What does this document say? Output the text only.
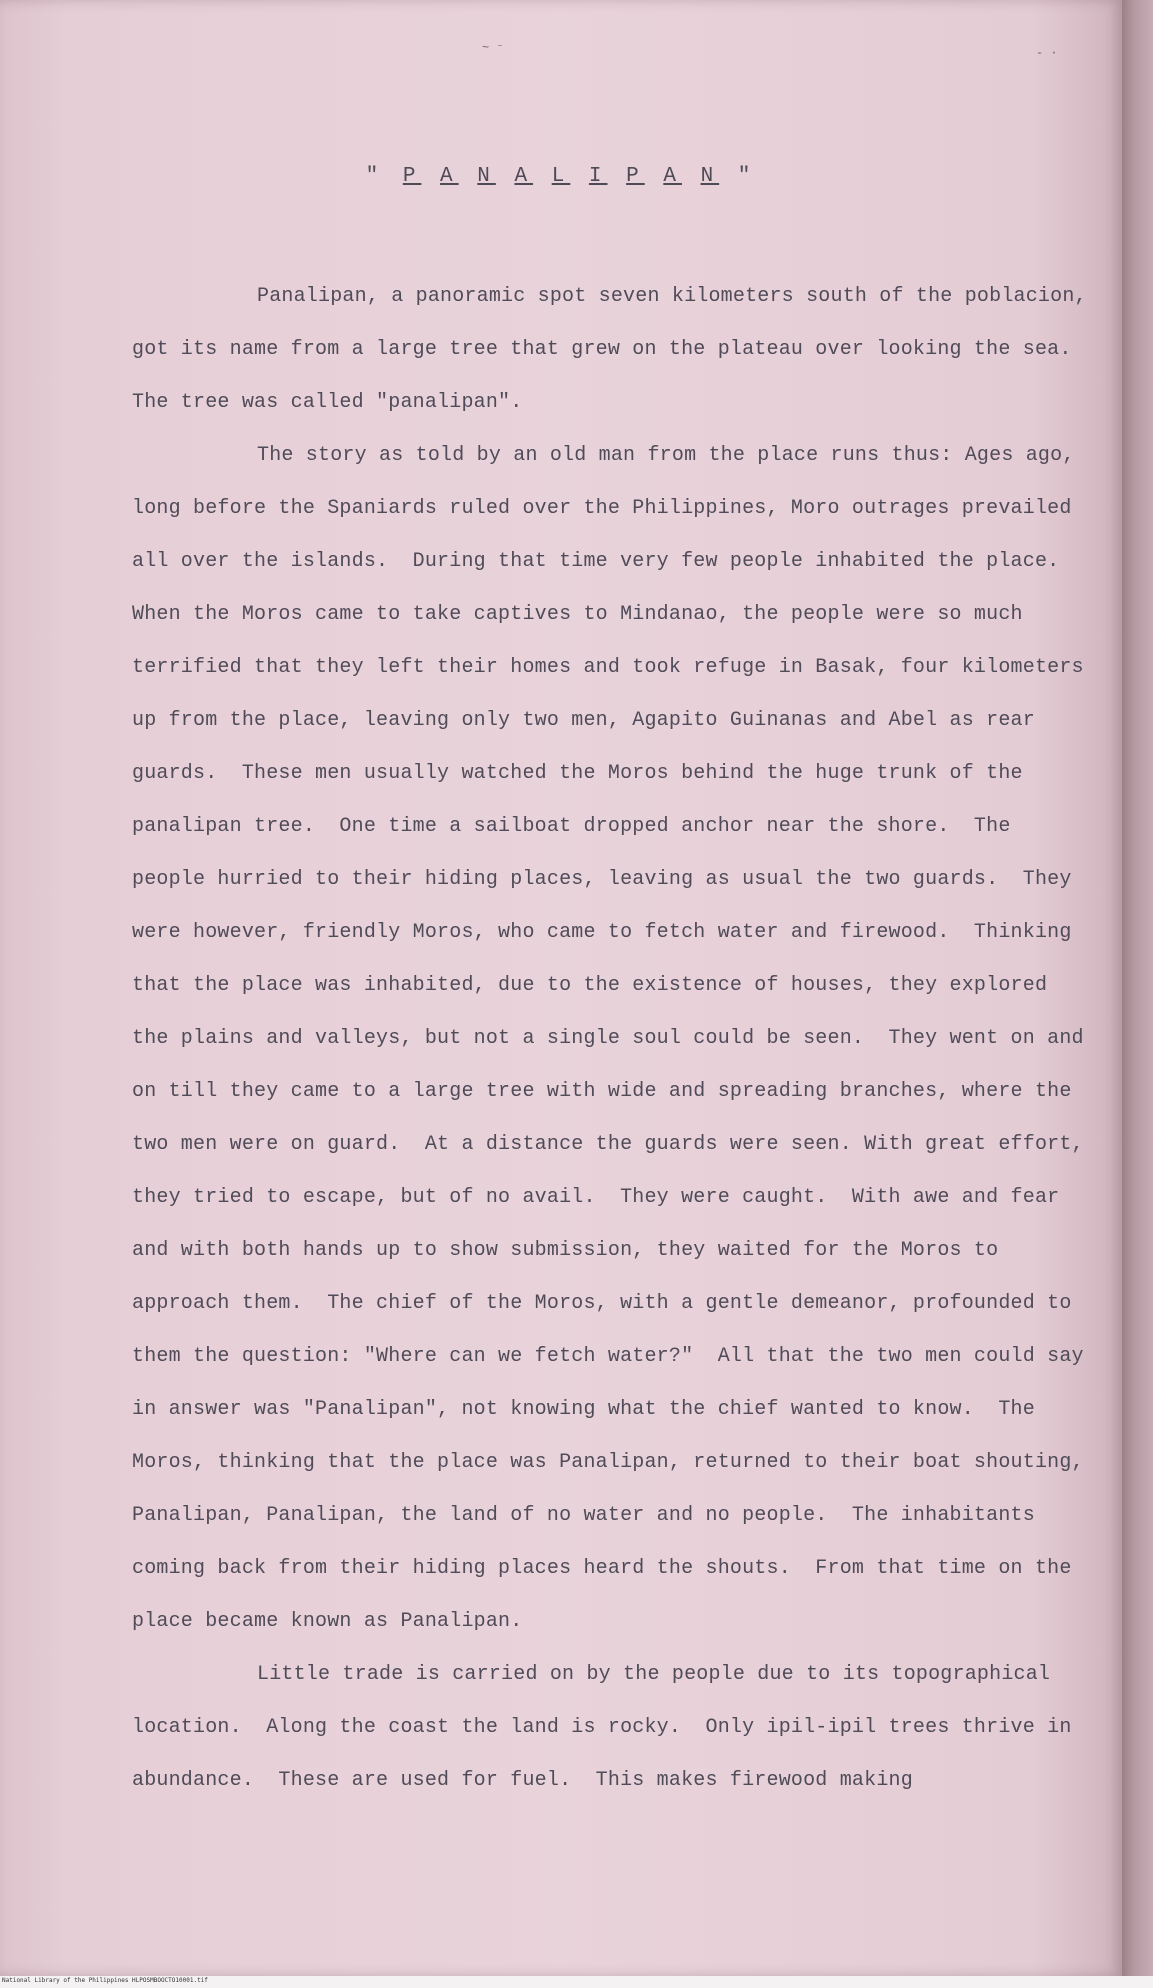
~ ⁻	- ·
" P A N A L I P A N "

Panalipan, a panoramic spot seven kilometers south of the poblacion, got its name from a large tree that grew on the plateau over looking the sea.  The tree was called "panalipan".

The story as told by an old man from the place runs thus: Ages ago, long before the Spaniards ruled over the Philippines, Moro outrages prevailed all over the islands.  During that time very few people inhabited the place.  When the Moros came to take captives to Mindanao, the people were so much terrified that they left their homes and took refuge in Basak, four kilometers up from the place, leaving only two men, Agapito Guinanas and Abel as rear guards.  These men usually watched the Moros behind the huge trunk of the panalipan tree.  One time a sailboat dropped anchor near the shore.  The people hurried to their hiding places, leaving as usual the two guards.  They were however, friendly Moros, who came to fetch water and firewood.  Thinking that the place was inhabited, due to the existence of houses, they explored the plains and valleys, but not a single soul could be seen.  They went on and on till they came to a large tree with wide and spreading branches, where the two men were on guard.  At a distance the guards were seen. With great effort, they tried to escape, but of no avail.  They were caught.  With awe and fear and with both hands up to show submission, they waited for the Moros to approach them.  The chief of the Moros, with a gentle demeanor, profounded to them the question: "Where can we fetch water?"  All that the two men could say in answer was "Panalipan", not knowing what the chief wanted to know.  The Moros, thinking that the place was Panalipan, returned to their boat shouting, Panalipan, Panalipan, the land of no water and no people.  The inhabitants coming back from their hiding places heard the shouts.  From that time on the place became known as Panalipan.

Little trade is carried on by the people due to its topographical location.  Along the coast the land is rocky.  Only ipil-ipil trees thrive in abundance.  These are used for fuel.  This makes firewood making

National Library of the Philippines HLPOSMBOOCTO10001.tif
